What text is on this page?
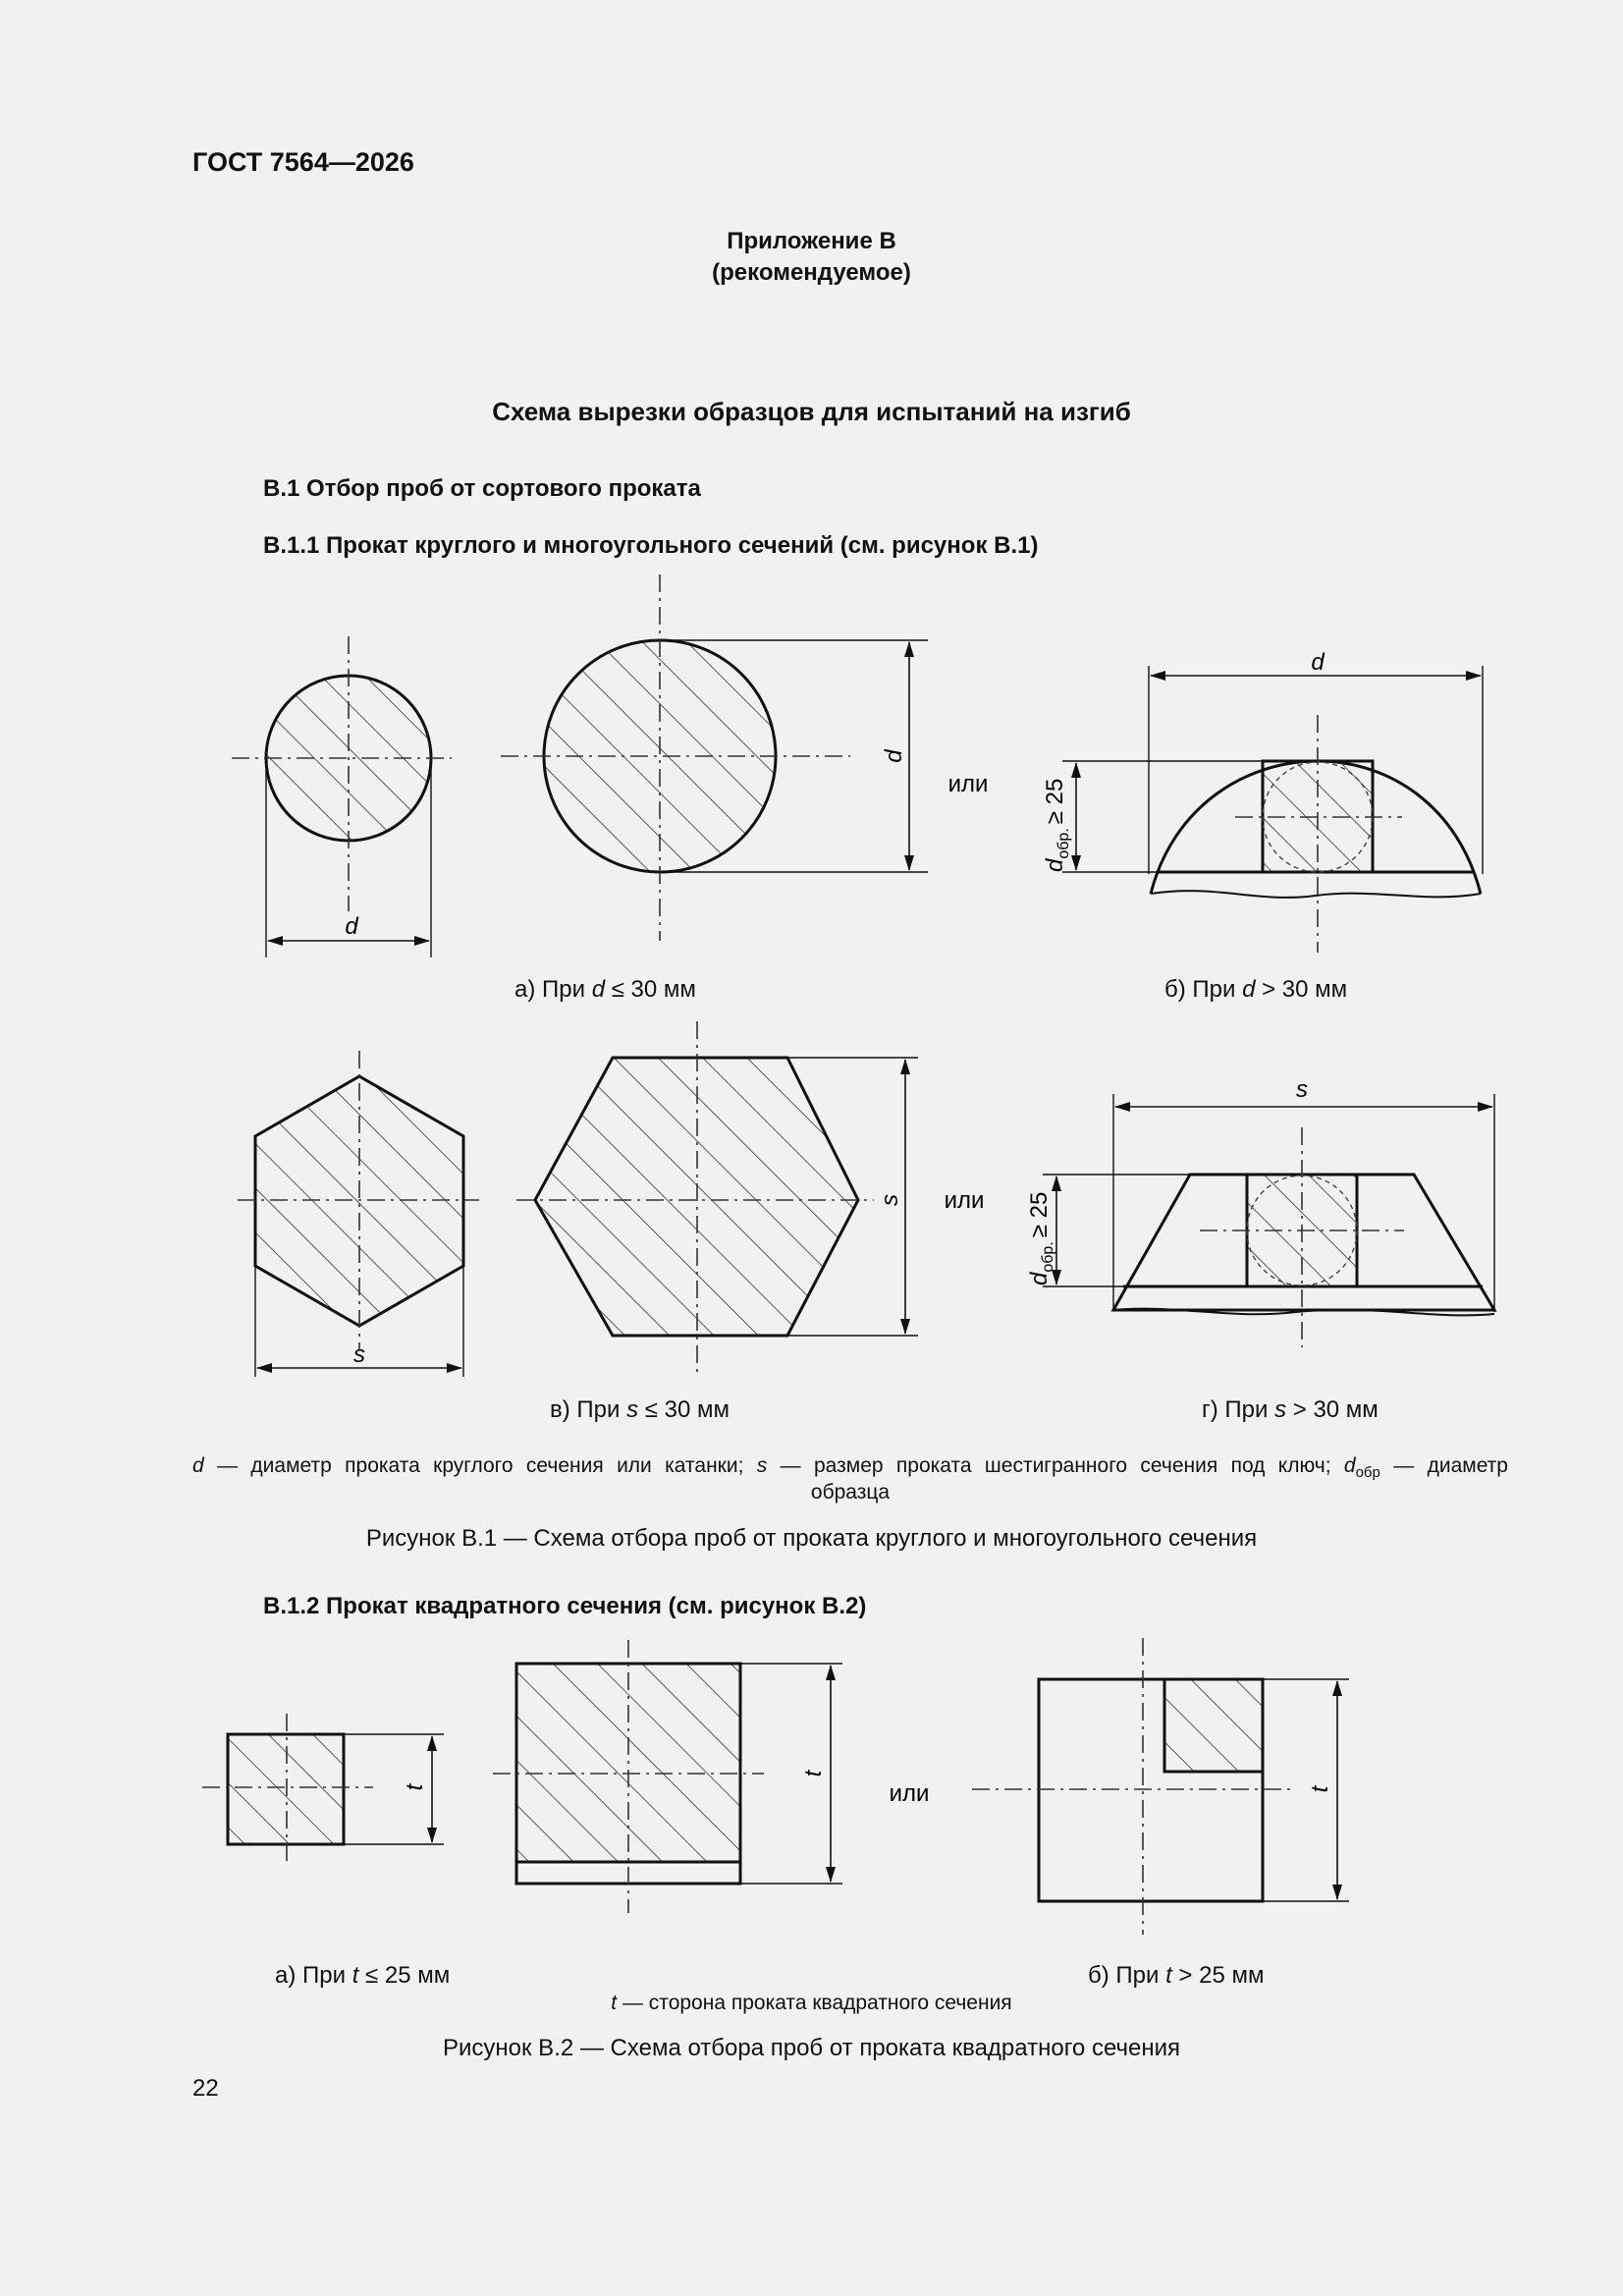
ГОСТ 7564—2026
Приложение В
(рекомендуемое)
Схема вырезки образцов для испытаний на изгиб
В.1 Отбор проб от сортового проката
В.1.1 Прокат круглого и многоугольного сечений (см. рисунок В.1)
d
d
d
или
$d_{обр.}\ge 25$
s
s
s
или
$d_{обр.}\ge 25$
t
t
t
или
а) При d ≤ 30 мм	б) При d > 30 мм
в) При s ≤ 30 мм	г) При s > 30 мм
d — диаметр проката круглого сечения или катанки; s — размер проката шестигранного сечения под ключ; $d_{обр}$ — диаметр
образца
Рисунок В.1 — Схема отбора проб от проката круглого и многоугольного сечения
В.1.2 Прокат квадратного сечения (см. рисунок В.2)
а) При t ≤ 25 мм	б) При t > 25 мм
t — сторона проката квадратного сечения
Рисунок В.2 — Схема отбора проб от проката квадратного сечения
22
